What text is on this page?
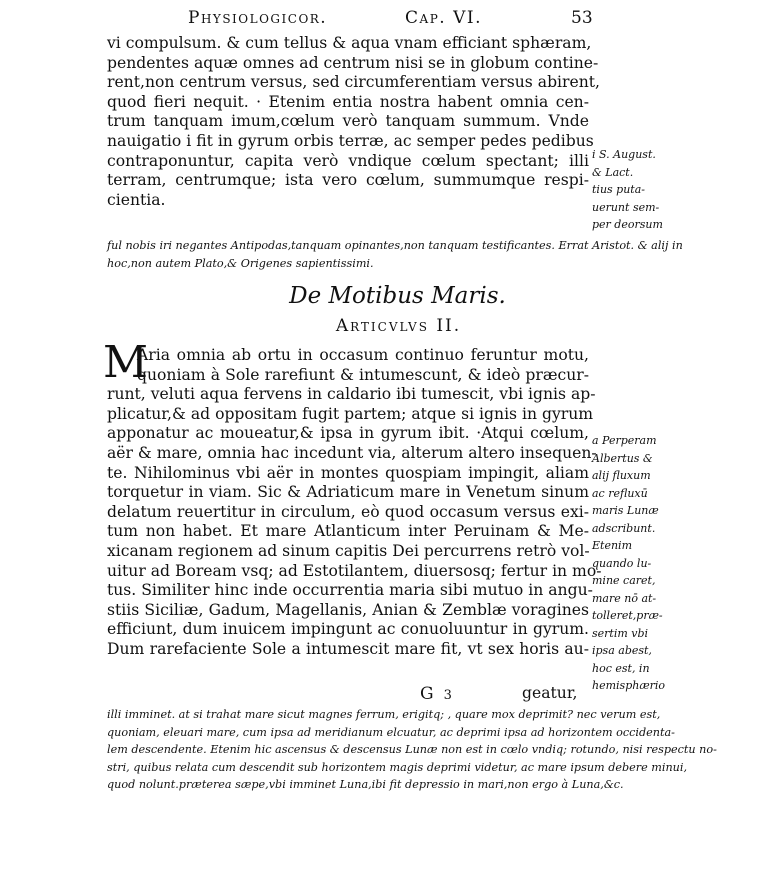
Physiologicor.	Cap. VI.	53
vi compulsum. & cum tellus & aqua vnam efficiant sphæram,
pendentes aquæ omnes ad centrum nisi se in globum contine-
rent,non centrum versus, sed circumferentiam versus abirent,
quod fieri nequit. · Etenim entia nostra habent omnia cen-
trum tanquam imum,cœlum verò tanquam summum. Vnde
nauigatio i fit in gyrum orbis terræ, ac semper pedes pedibus
contraponuntur, capita verò vndique cœlum spectant; illi
terram, centrumque; ista vero cœlum, summumque respi-
cientia.
i S. August.
& Lact.
tius puta-
uerunt sem-
per deorsum
ful nobis iri negantes Antipodas,tanquam opinantes,non tanquam testificantes. Errat Aristot. & alij in
hoc,non autem Plato,& Origenes sapientissimi.
De Motibus Maris.
Articvlvs II.
M
Aria omnia ab ortu in occasum continuo feruntur motu,
quoniam à Sole rarefiunt & intumescunt, & ideò præcur-
runt, veluti aqua fervens in caldario ibi tumescit, vbi ignis ap-
plicatur,& ad oppositam fugit partem; atque si ignis in gyrum
apponatur ac moueatur,& ipsa in gyrum ibit. ·Atqui cœlum,
aër & mare, omnia hac incedunt via, alterum altero insequen-
te. Nihilominus vbi aër in montes quospiam impingit, aliam
torquetur in viam. Sic & Adriaticum mare in Venetum sinum
delatum reuertitur in circulum, eò quod occasum versus exi-
tum non habet. Et mare Atlanticum inter Peruinam & Me-
xicanam regionem ad sinum capitis Dei percurrens retrò vol-
uitur ad Boream vsq; ad Estotilantem, diuersosq; fertur in mo-
tus. Similiter hinc inde occurrentia maria sibi mutuo in angu-
stiis Siciliæ, Gadum, Magellanis, Anian & Zemblæ voragines
efficiunt, dum inuicem impingunt ac conuoluuntur in gyrum.
Dum rarefaciente Sole a intumescit mare fit, vt sex horis au-
a Perperam
Albertus &
alij fluxum
ac refluxū
maris Lunæ
adscribunt.
Etenim
quando lu-
mine caret,
mare nō at-
tolleret,præ-
sertim vbi
ipsa abest,
hoc est, in
hemisphærio
G 3	geatur,
illi imminet. at si trahat mare sicut magnes ferrum, erigitq; , quare mox deprimit? nec verum est,
quoniam, eleuari mare, cum ipsa ad meridianum elcuatur, ac deprimi ipsa ad horizontem occidenta-
lem descendente. Etenim hic ascensus & descensus Lunæ non est in cœlo vndiq; rotundo, nisi respectu no-
stri, quibus relata cum descendit sub horizontem magis deprimi videtur, ac mare ipsum debere minui,
quod nolunt.præterea sæpe,vbi imminet Luna,ibi fit depressio in mari,non ergo à Luna,&c.
